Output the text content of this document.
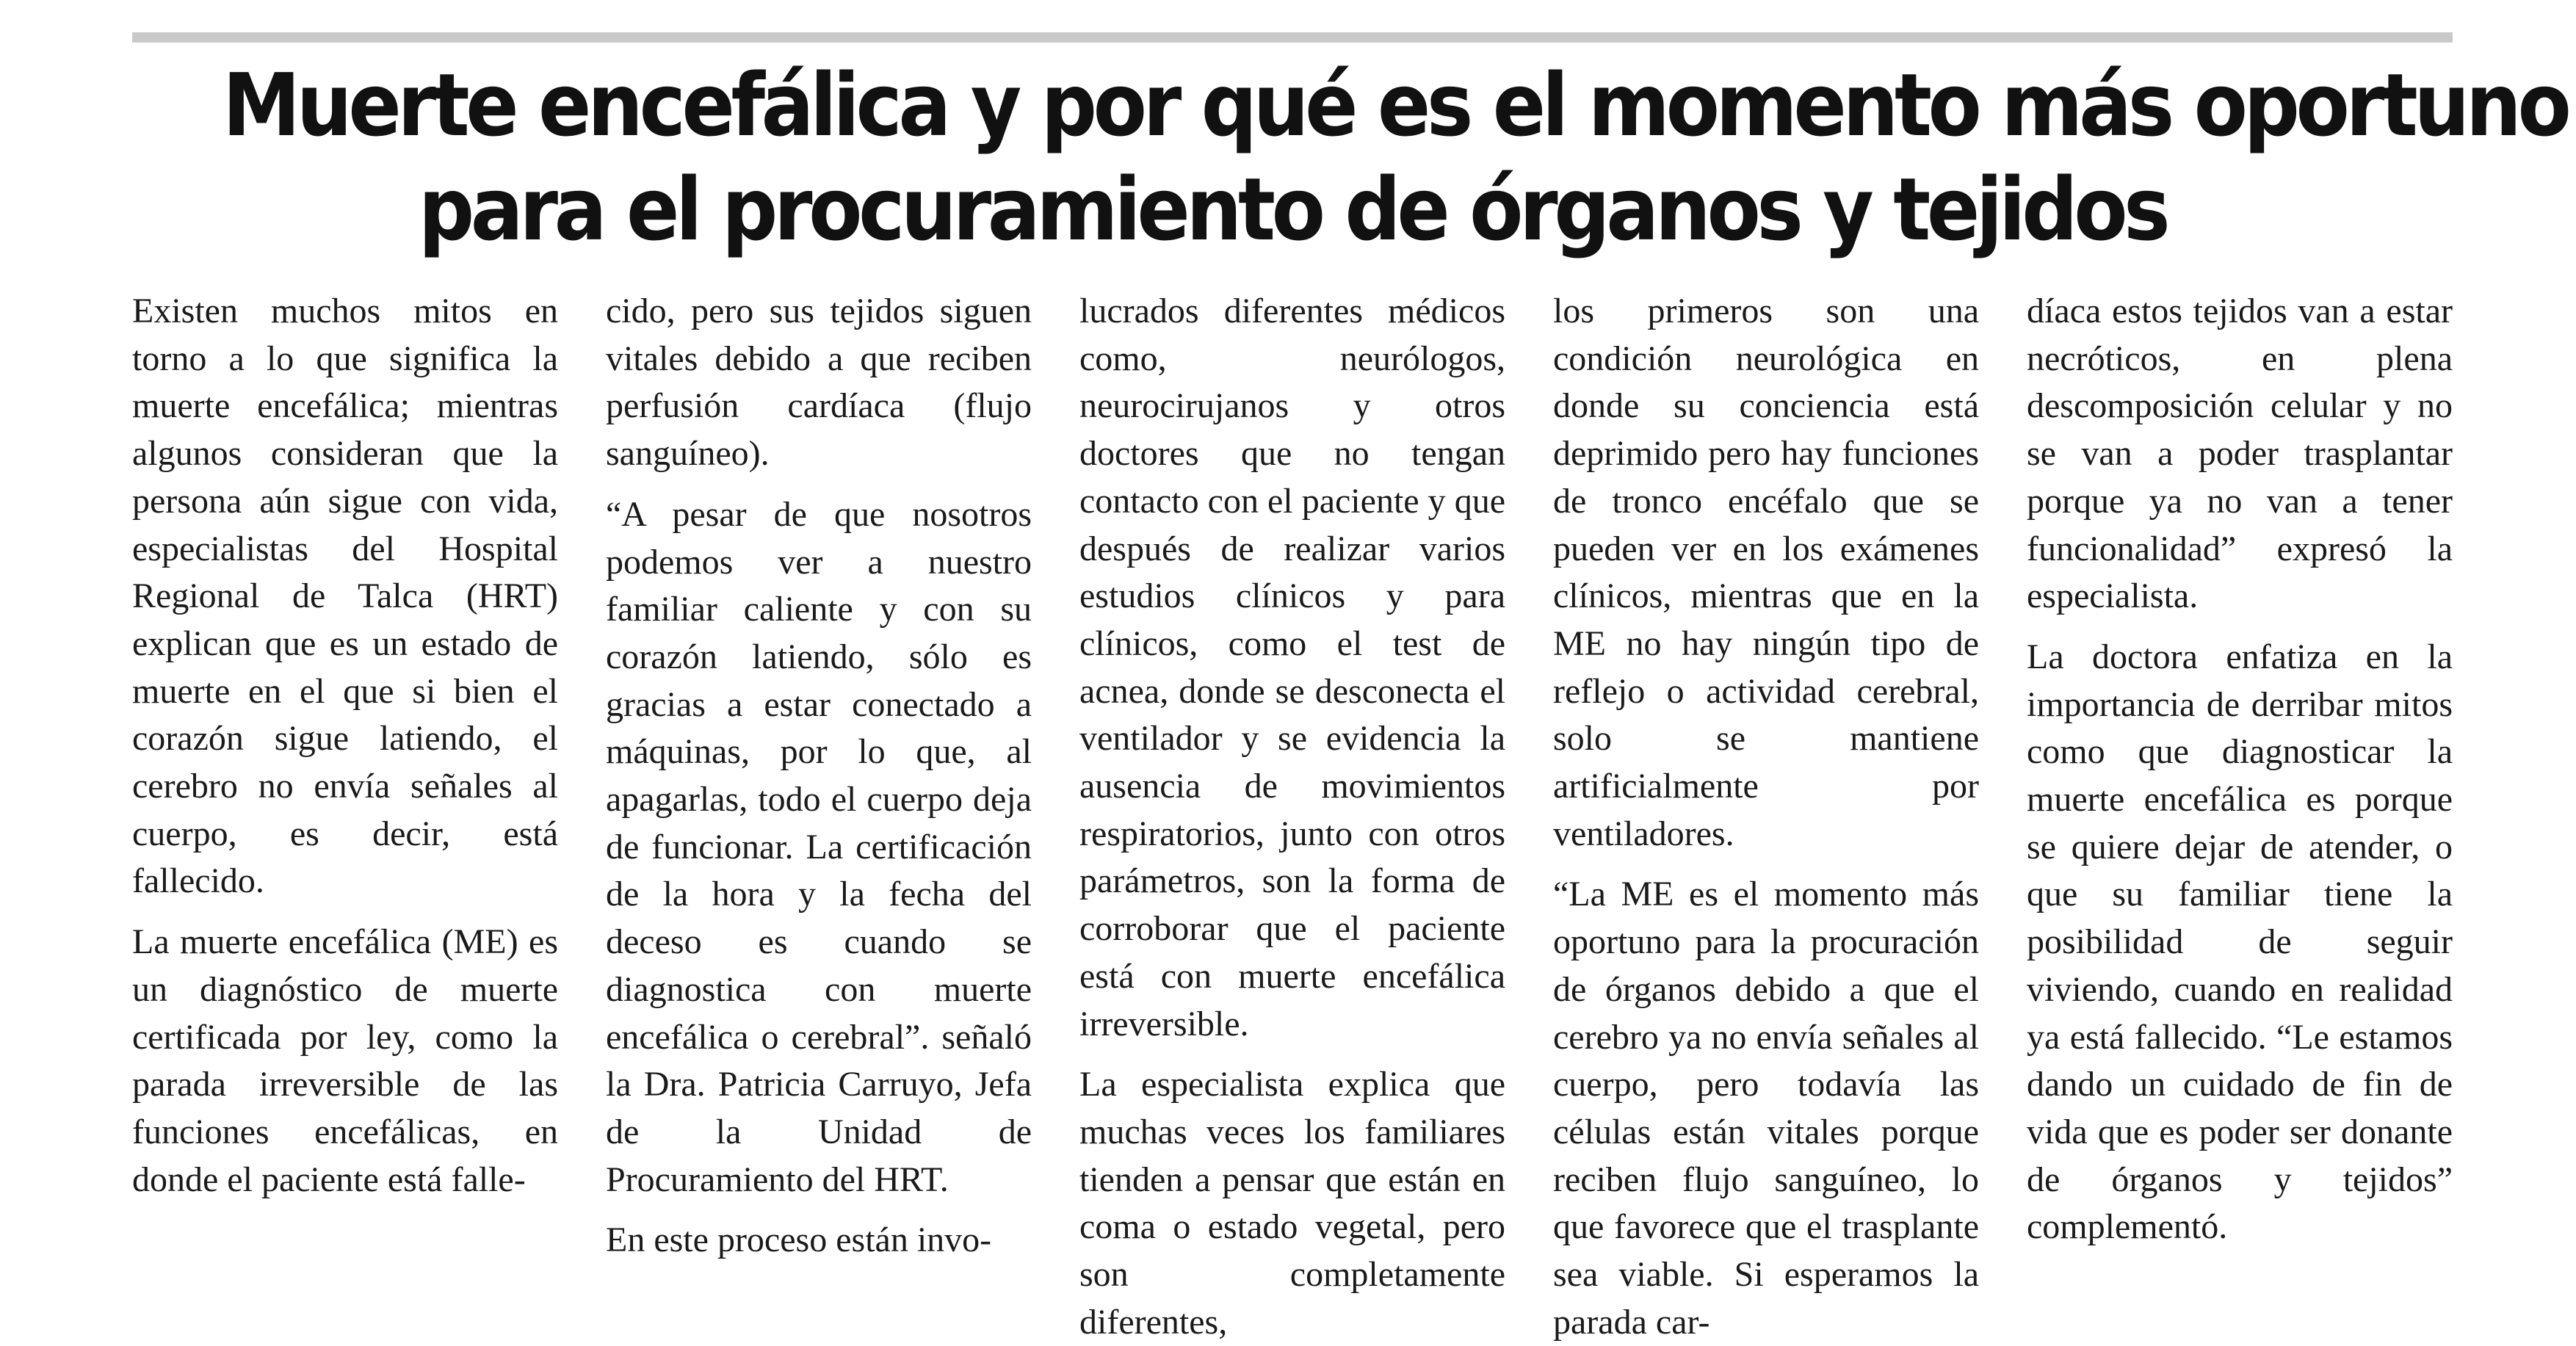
Muerte encefálica y por qué es el momento más oportuno
para el procuramiento de órganos y tejidos

Existen muchos mitos en torno a lo que significa la muerte encefálica; mientras algunos consideran que la persona aún sigue con vida, especialistas del Hospital Regional de Talca (HRT) explican que es un estado de muerte en el que si bien el corazón sigue latiendo, el cerebro no envía señales al cuerpo, es decir, está fallecido.

La muerte encefálica (ME) es un diagnóstico de muerte certificada por ley, como la parada irreversible de las funciones encefálicas, en donde el paciente está falle-

cido, pero sus tejidos siguen vitales debido a que reciben perfusión cardíaca (flujo sanguíneo).

“A pesar de que nosotros podemos ver a nuestro familiar caliente y con su corazón latiendo, sólo es gracias a estar conectado a máquinas, por lo que, al apagarlas, todo el cuerpo deja de funcionar. La certificación de la hora y la fecha del deceso es cuando se diagnostica con muerte encefálica o cerebral”. señaló la Dra. Patricia Carruyo, Jefa de la Unidad de Procuramiento del HRT.

En este proceso están invo-

lucrados diferentes médicos como, neurólogos, neurocirujanos y otros doctores que no tengan contacto con el paciente y que después de realizar varios estudios clínicos y para clínicos, como el test de acnea, donde se desconecta el ventilador y se evidencia la ausencia de movimientos respiratorios, junto con otros parámetros, son la forma de corroborar que el paciente está con muerte encefálica irreversible.

La especialista explica que muchas veces los familiares tienden a pensar que están en coma o estado vegetal, pero son completamente diferentes,

los primeros son una condición neurológica en donde su conciencia está deprimido pero hay funciones de tronco encéfalo que se pueden ver en los exámenes clínicos, mientras que en la ME no hay ningún tipo de reflejo o actividad cerebral, solo se mantiene artificialmente por ventiladores.

“La ME es el momento más oportuno para la procuración de órganos debido a que el cerebro ya no envía señales al cuerpo, pero todavía las células están vitales porque reciben flujo sanguíneo, lo que favorece que el trasplante sea viable. Si esperamos la parada car-

díaca estos tejidos van a estar necróticos, en plena descomposición celular y no se van a poder trasplantar porque ya no van a tener funcionalidad” expresó la especialista.

La doctora enfatiza en la importancia de derribar mitos como que diagnosticar la muerte encefálica es porque se quiere dejar de atender, o que su familiar tiene la posibilidad de seguir viviendo, cuando en realidad ya está fallecido. “Le estamos dando un cuidado de fin de vida que es poder ser donante de órganos y tejidos” complementó.
